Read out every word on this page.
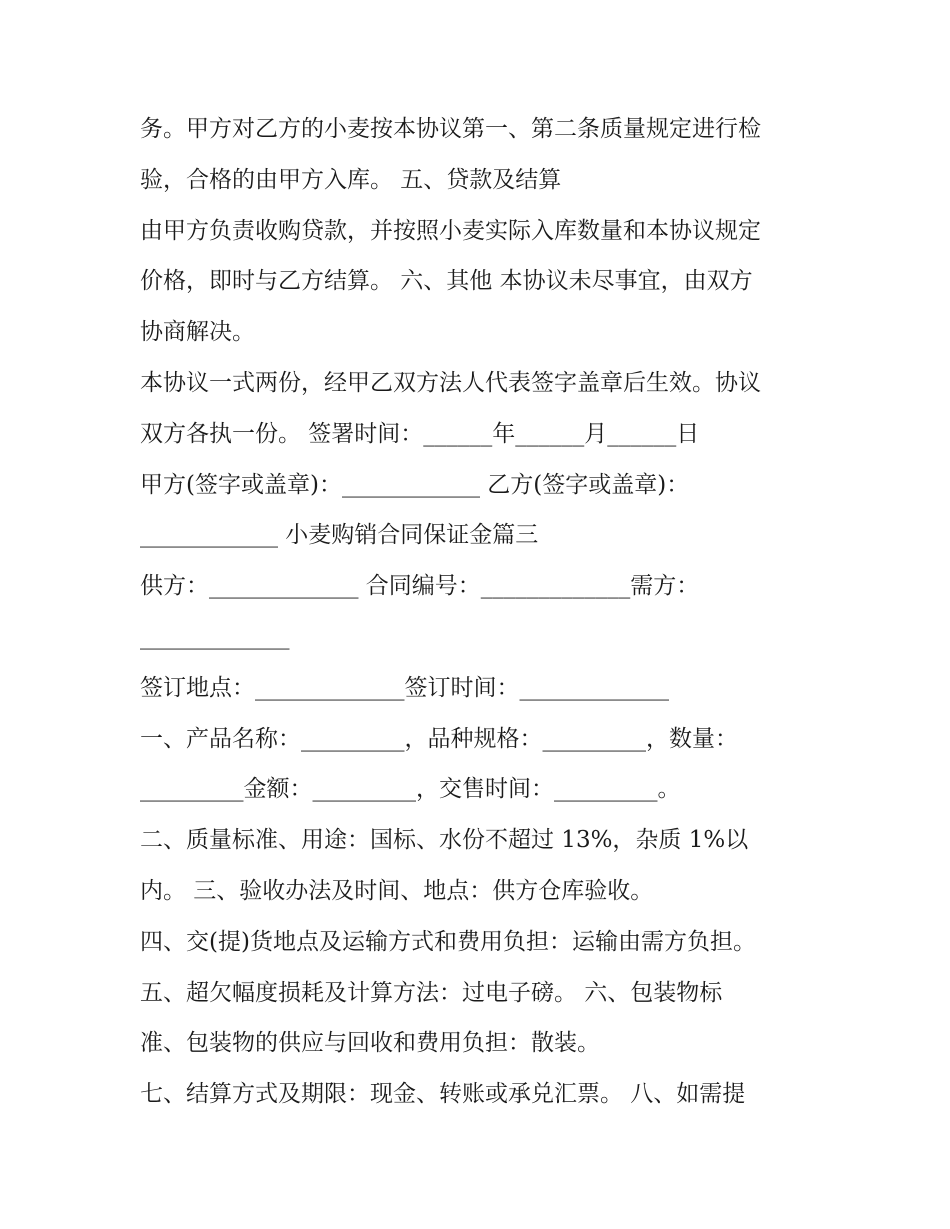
务。甲方对乙方的小麦按本协议第一、第二条质量规定进行检
验，合格的由甲方入库。 五、贷款及结算
由甲方负责收购贷款，并按照小麦实际入库数量和本协议规定
价格，即时与乙方结算。 六、其他 本协议未尽事宜，由双方
协商解决。
本协议一式两份，经甲乙双方法人代表签字盖章后生效。协议
双方各执一份。 签署时间：______年______月______日
甲方(签字或盖章)：____________ 乙方(签字或盖章)：
____________ 小麦购销合同保证金篇三
供方：_____________ 合同编号：_____________需方：
_____________
签订地点：_____________签订时间：_____________
一、产品名称：_________，品种规格：_________，数量：
_________金额：_________，交售时间：_________。
二、质量标准、用途：国标、水份不超过 13%，杂质 1%以
内。 三、验收办法及时间、地点：供方仓库验收。
四、交(提)货地点及运输方式和费用负担：运输由需方负担。
五、超欠幅度损耗及计算方法：过电子磅。 六、包装物标
准、包装物的供应与回收和费用负担：散装。
七、结算方式及期限：现金、转账或承兑汇票。 八、如需提
